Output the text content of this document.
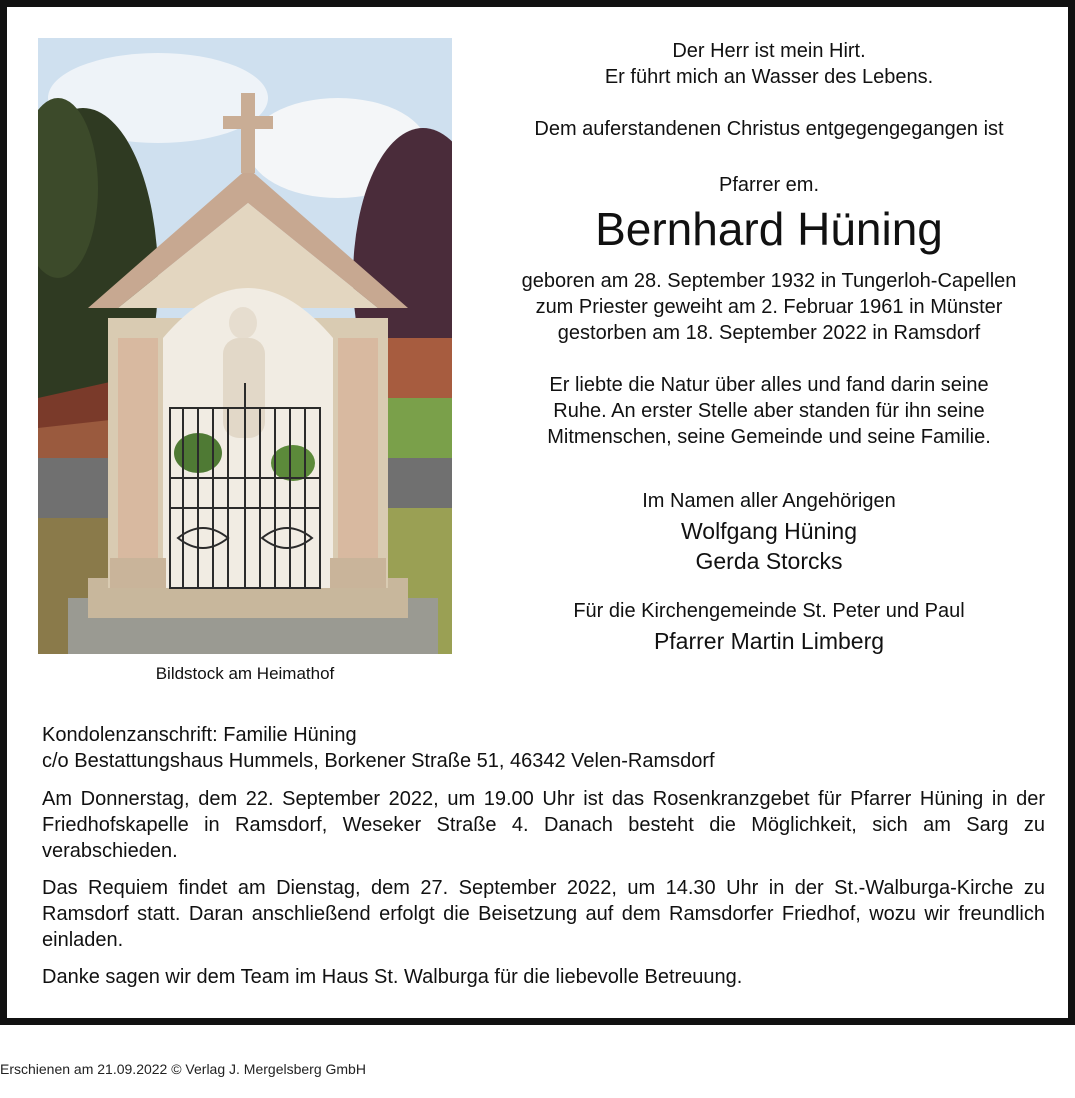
Bildstock am Heimathof
Der Herr ist mein Hirt.
Er führt mich an Wasser des Lebens.
Dem auferstandenen Christus entgegengegangen ist
Pfarrer em.
Bernhard Hüning
geboren am 28. September 1932 in Tungerloh-Capellen
zum Priester geweiht am 2. Februar 1961 in Münster
gestorben am 18. September 2022 in Ramsdorf
Er liebte die Natur über alles und fand darin seine
Ruhe. An erster Stelle aber standen für ihn seine
Mitmenschen, seine Gemeinde und seine Familie.
Im Namen aller Angehörigen
Wolfgang Hüning
Gerda Storcks
Für die Kirchengemeinde St. Peter und Paul
Pfarrer Martin Limberg

Kondolenzanschrift: Familie Hüning

c/o Bestattungshaus Hummels, Borkener Straße 51, 46342 Velen-Ramsdorf

Am Donnerstag, dem 22. September 2022, um 19.00 Uhr ist das Rosenkranzgebet für Pfarrer Hüning in der Friedhofskapelle in Ramsdorf, Weseker Straße 4. Danach besteht die Möglichkeit, sich am Sarg zu verabschieden.

Das Requiem findet am Dienstag, dem 27. September 2022, um 14.30 Uhr in der St.-Walburga-Kirche zu Ramsdorf statt. Daran anschließend erfolgt die Beisetzung auf dem Ramsdorfer Friedhof, wozu wir freundlich einladen.

Danke sagen wir dem Team im Haus St. Walburga für die liebevolle Betreuung.

Erschienen am 21.09.2022 © Verlag J. Mergelsberg GmbH
